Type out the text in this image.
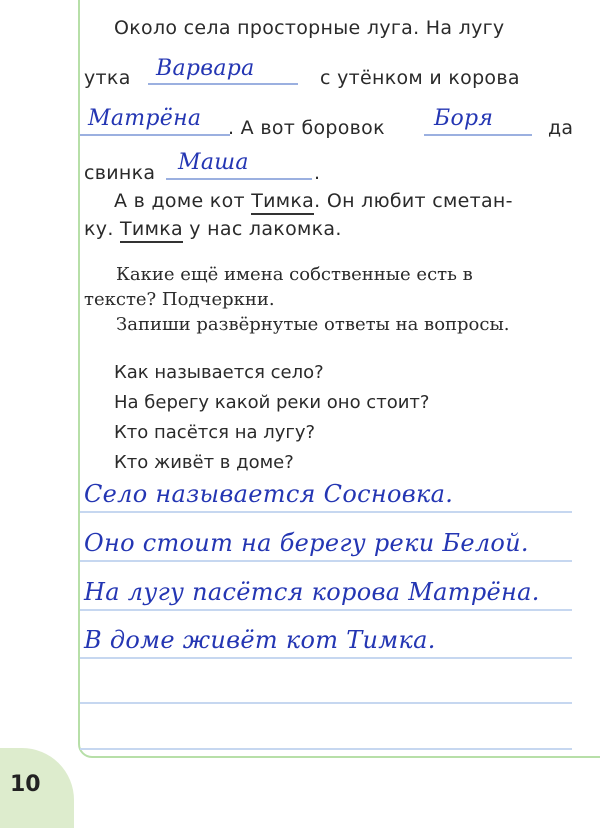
Около села просторные луга. На лугу
утка Варвара	с утёнком и корова
Матрёна . А вот боровок Боря	да
свинка Маша	.
А в доме кот Тимка. Он любит сметан-
ку. Тимка у нас лакомка.
Какие ещё имена собственные есть в
тексте? Подчеркни.
Запиши развёрнутые ответы на вопросы.
Как называется село?
На берегу какой реки оно стоит?
Кто пасётся на лугу?
Кто живёт в доме?
Село называется Сосновка.
Оно стоит на берегу реки Белой.
На лугу пасётся корова Матрёна.
В доме живёт кот Тимка.
10
